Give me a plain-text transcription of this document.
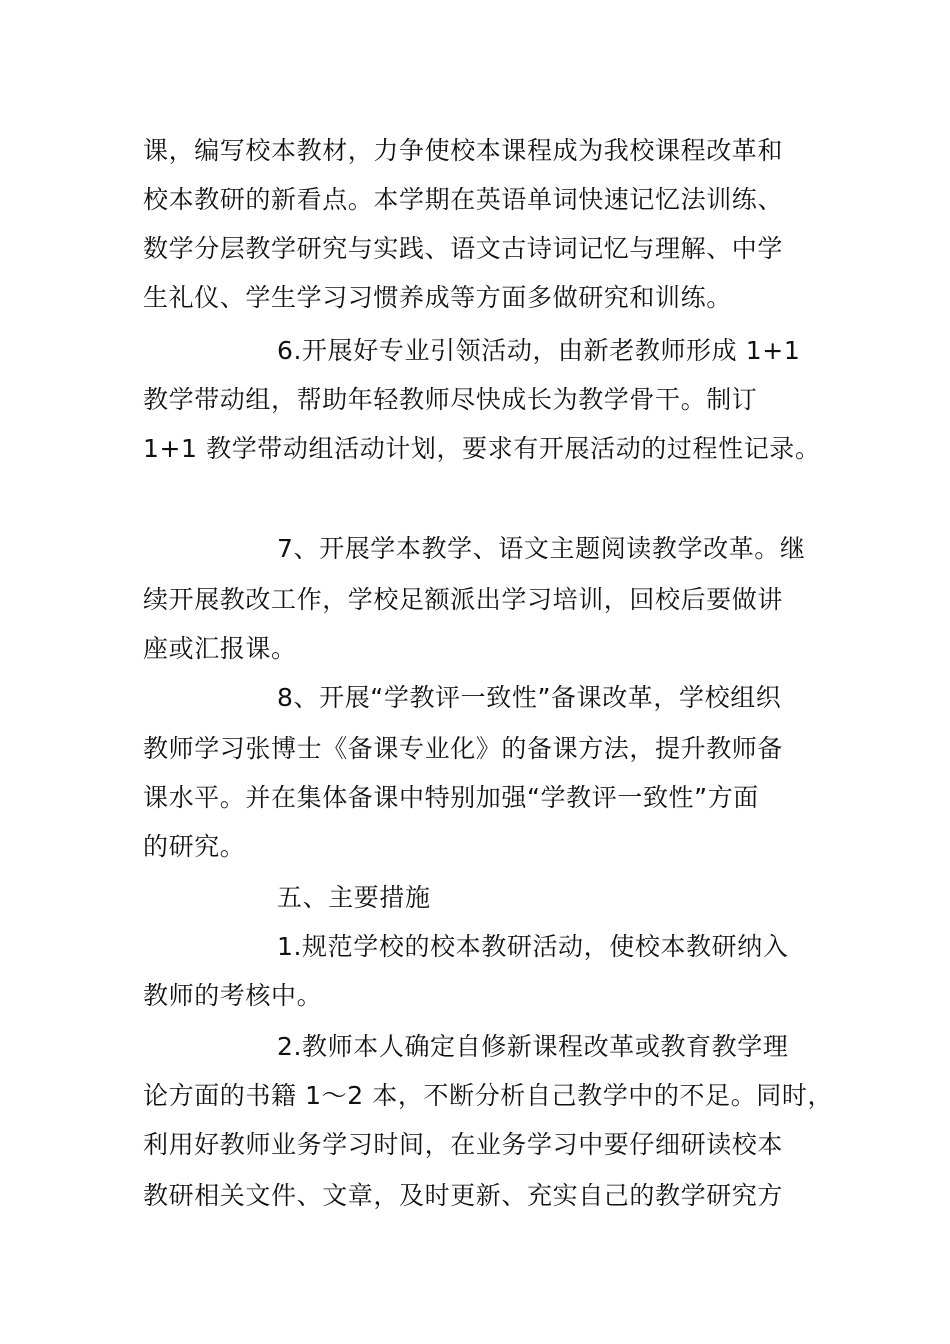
课，编写校本教材，力争使校本课程成为我校课程改革和
校本教研的新看点。本学期在英语单词快速记忆法训练、
数学分层教学研究与实践、语文古诗词记忆与理解、中学
生礼仪、学生学习习惯养成等方面多做研究和训练。
6.开展好专业引领活动，由新老教师形成 1+1
教学带动组，帮助年轻教师尽快成长为教学骨干。制订
1+1 教学带动组活动计划，要求有开展活动的过程性记录。
7、开展学本教学、语文主题阅读教学改革。继
续开展教改工作，学校足额派出学习培训，回校后要做讲
座或汇报课。
8、开展“学教评一致性”备课改革，学校组织
教师学习张博士《备课专业化》的备课方法，提升教师备
课水平。并在集体备课中特别加强“学教评一致性”方面
的研究。
五、主要措施
1.规范学校的校本教研活动，使校本教研纳入
教师的考核中。
2.教师本人确定自修新课程改革或教育教学理
论方面的书籍 1～2 本，不断分析自己教学中的不足。同时，
利用好教师业务学习时间，在业务学习中要仔细研读校本
教研相关文件、文章，及时更新、充实自己的教学研究方
